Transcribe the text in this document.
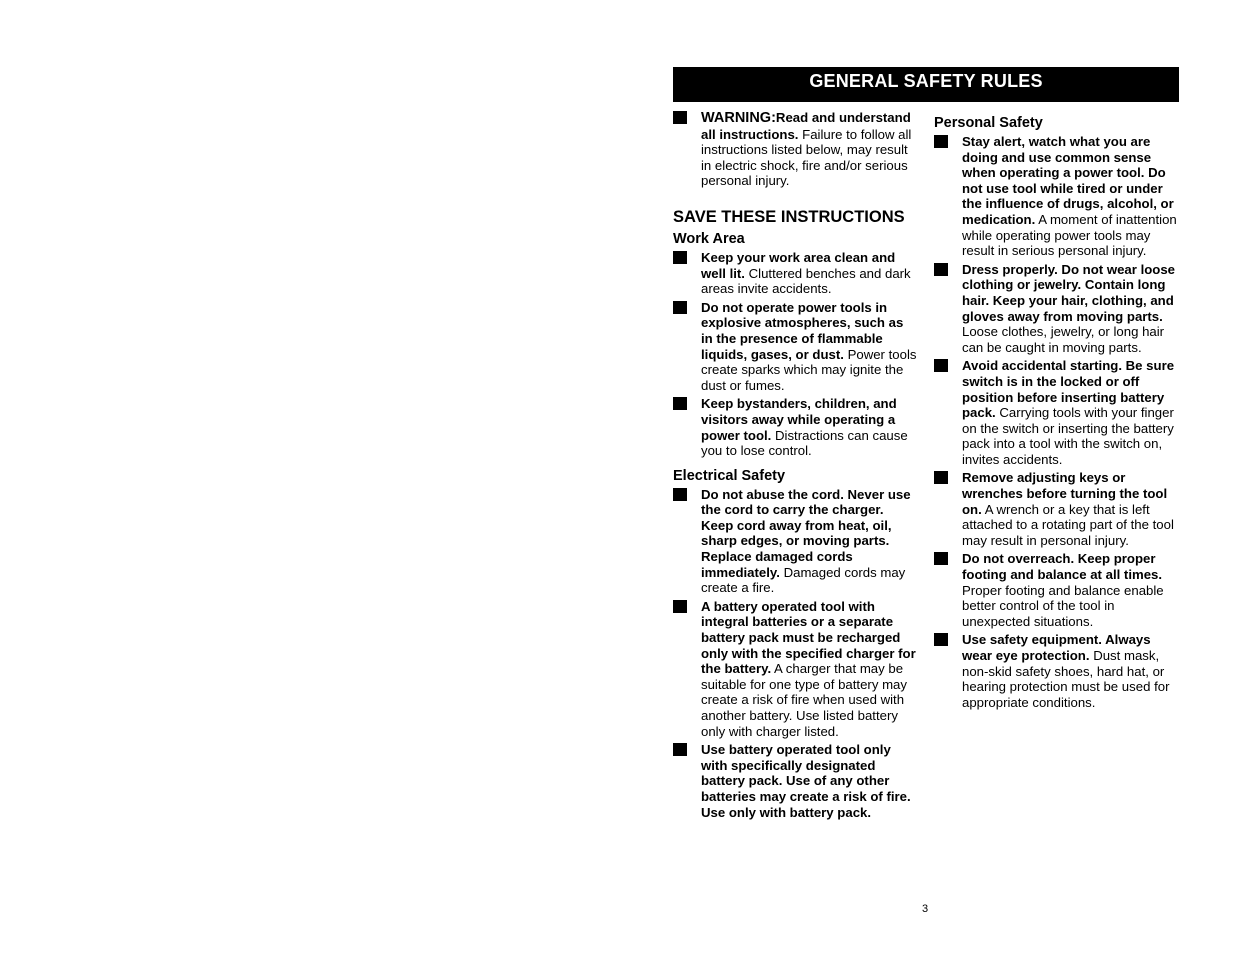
GENERAL SAFETY RULES
WARNING:Read and understand all instructions. Failure to follow all instructions listed below, may result in electric shock, fire and/or serious personal injury.
SAVE THESE INSTRUCTIONS
Work Area
Keep your work area clean and well lit. Cluttered benches and dark areas invite accidents.
Do not operate power tools in explosive atmospheres, such as in the presence of flammable liquids, gases, or dust. Power tools create sparks which may ignite the dust or fumes.
Keep bystanders, children, and visitors away while operating a power tool. Distractions can cause you to lose control.
Electrical Safety
Do not abuse the cord. Never use the cord to carry the charger. Keep cord away from heat, oil, sharp edges, or moving parts. Replace damaged cords immediately. Damaged cords may create a fire.
A battery operated tool with integral batteries or a separate battery pack must be recharged only with the specified charger for the battery. A charger that may be suitable for one type of battery may create a risk of fire when used with another battery. Use listed battery only with charger listed.
Use battery operated tool only with specifically designated battery pack. Use of any other batteries may create a risk of fire. Use only with battery pack.
Personal Safety
Stay alert, watch what you are doing and use common sense when operating a power tool. Do not use tool while tired or under the influence of drugs, alcohol, or medication. A moment of inattention while operating power tools may result in serious personal injury.
Dress properly. Do not wear loose clothing or jewelry. Contain long hair. Keep your hair, clothing, and gloves away from moving parts. Loose clothes, jewelry, or long hair can be caught in moving parts.
Avoid accidental starting. Be sure switch is in the locked or off position before inserting battery pack. Carrying tools with your finger on the switch or inserting the battery pack into a tool with the switch on, invites accidents.
Remove adjusting keys or wrenches before turning the tool on. A wrench or a key that is left attached to a rotating part of the tool may result in personal injury.
Do not overreach. Keep proper footing and balance at all times. Proper footing and balance enable better control of the tool in unexpected situations.
Use safety equipment. Always wear eye protection. Dust mask, non-skid safety shoes, hard hat, or hearing protection must be used for appropriate conditions.
3
